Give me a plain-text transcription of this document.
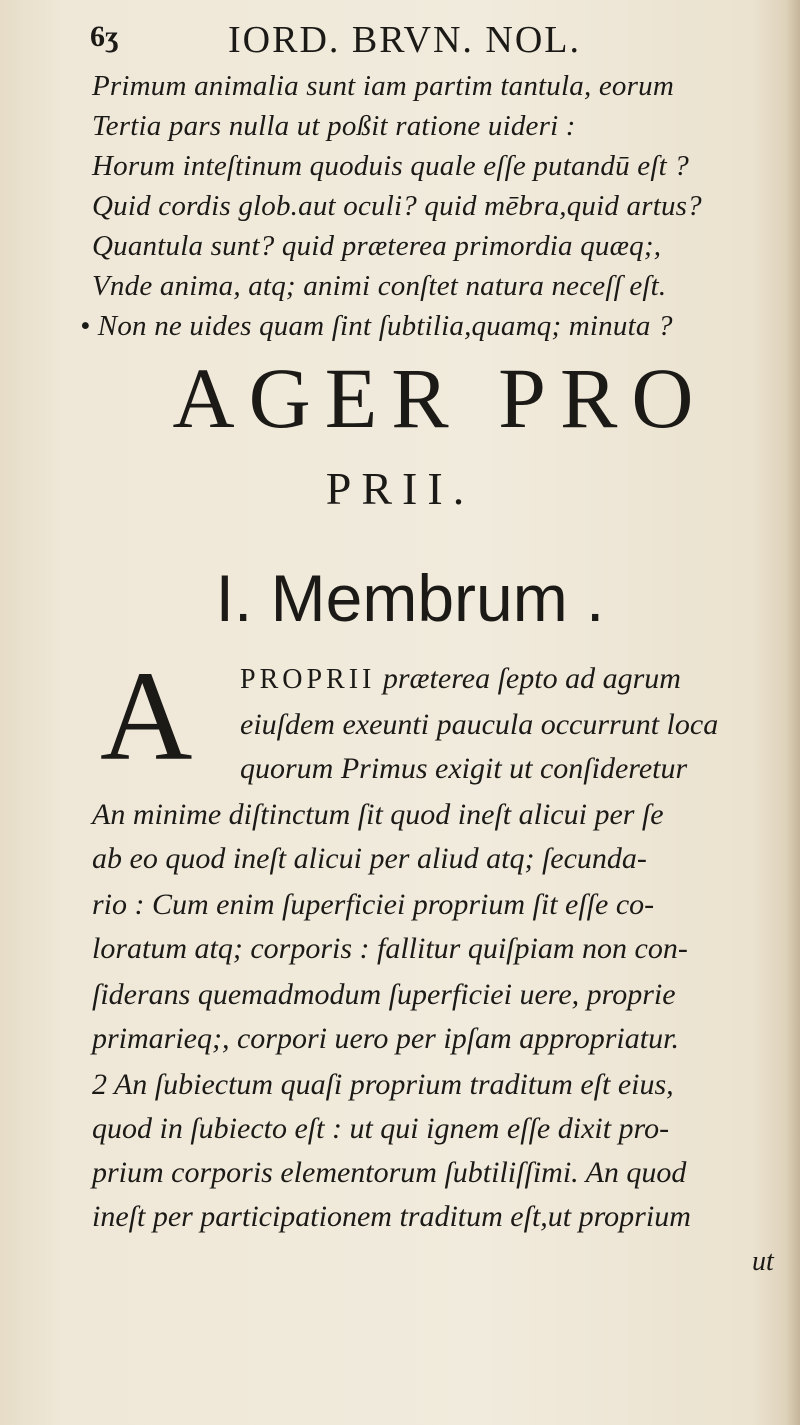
6ʒ	IORD. BRVN. NOL.
Primum animalia sunt iam partim tantula, eorum
Tertia pars nulla ut poßit ratione uideri :
Horum inteſtinum quoduis quale eſſe putandū eſt ?
Quid cordis glob.aut oculi? quid mēbra,quid artus?
Quantula sunt? quid præterea primordia quæq;,
Vnde anima, atq; animi conſtet natura neceſſ eſt.
• Non ne uides quam ſint ſubtilia,quamq; minuta ?
AGER PRO
PRII.
I. Membrum .
A PROPRII præterea ſepto ad agrum
eiuſdem exeunti paucula occurrunt loca
quorum Primus exigit ut conſideretur
An minime diſtinctum ſit quod ineſt alicui per ſe
ab eo quod ineſt alicui per aliud atq; ſecunda-
rio : Cum enim ſuperficiei proprium ſit eſſe co-
loratum atq; corporis : fallitur quiſpiam non con-
ſiderans quemadmodum ſuperficiei uere, proprie
primarieq;, corpori uero per ipſam appropriatur.
2 An ſubiectum quaſi proprium traditum eſt eius,
quod in ſubiecto eſt : ut qui ignem eſſe dixit pro-
prium corporis elementorum ſubtiliſſimi. An quod
ineſt per participationem traditum eſt,ut proprium
ut
